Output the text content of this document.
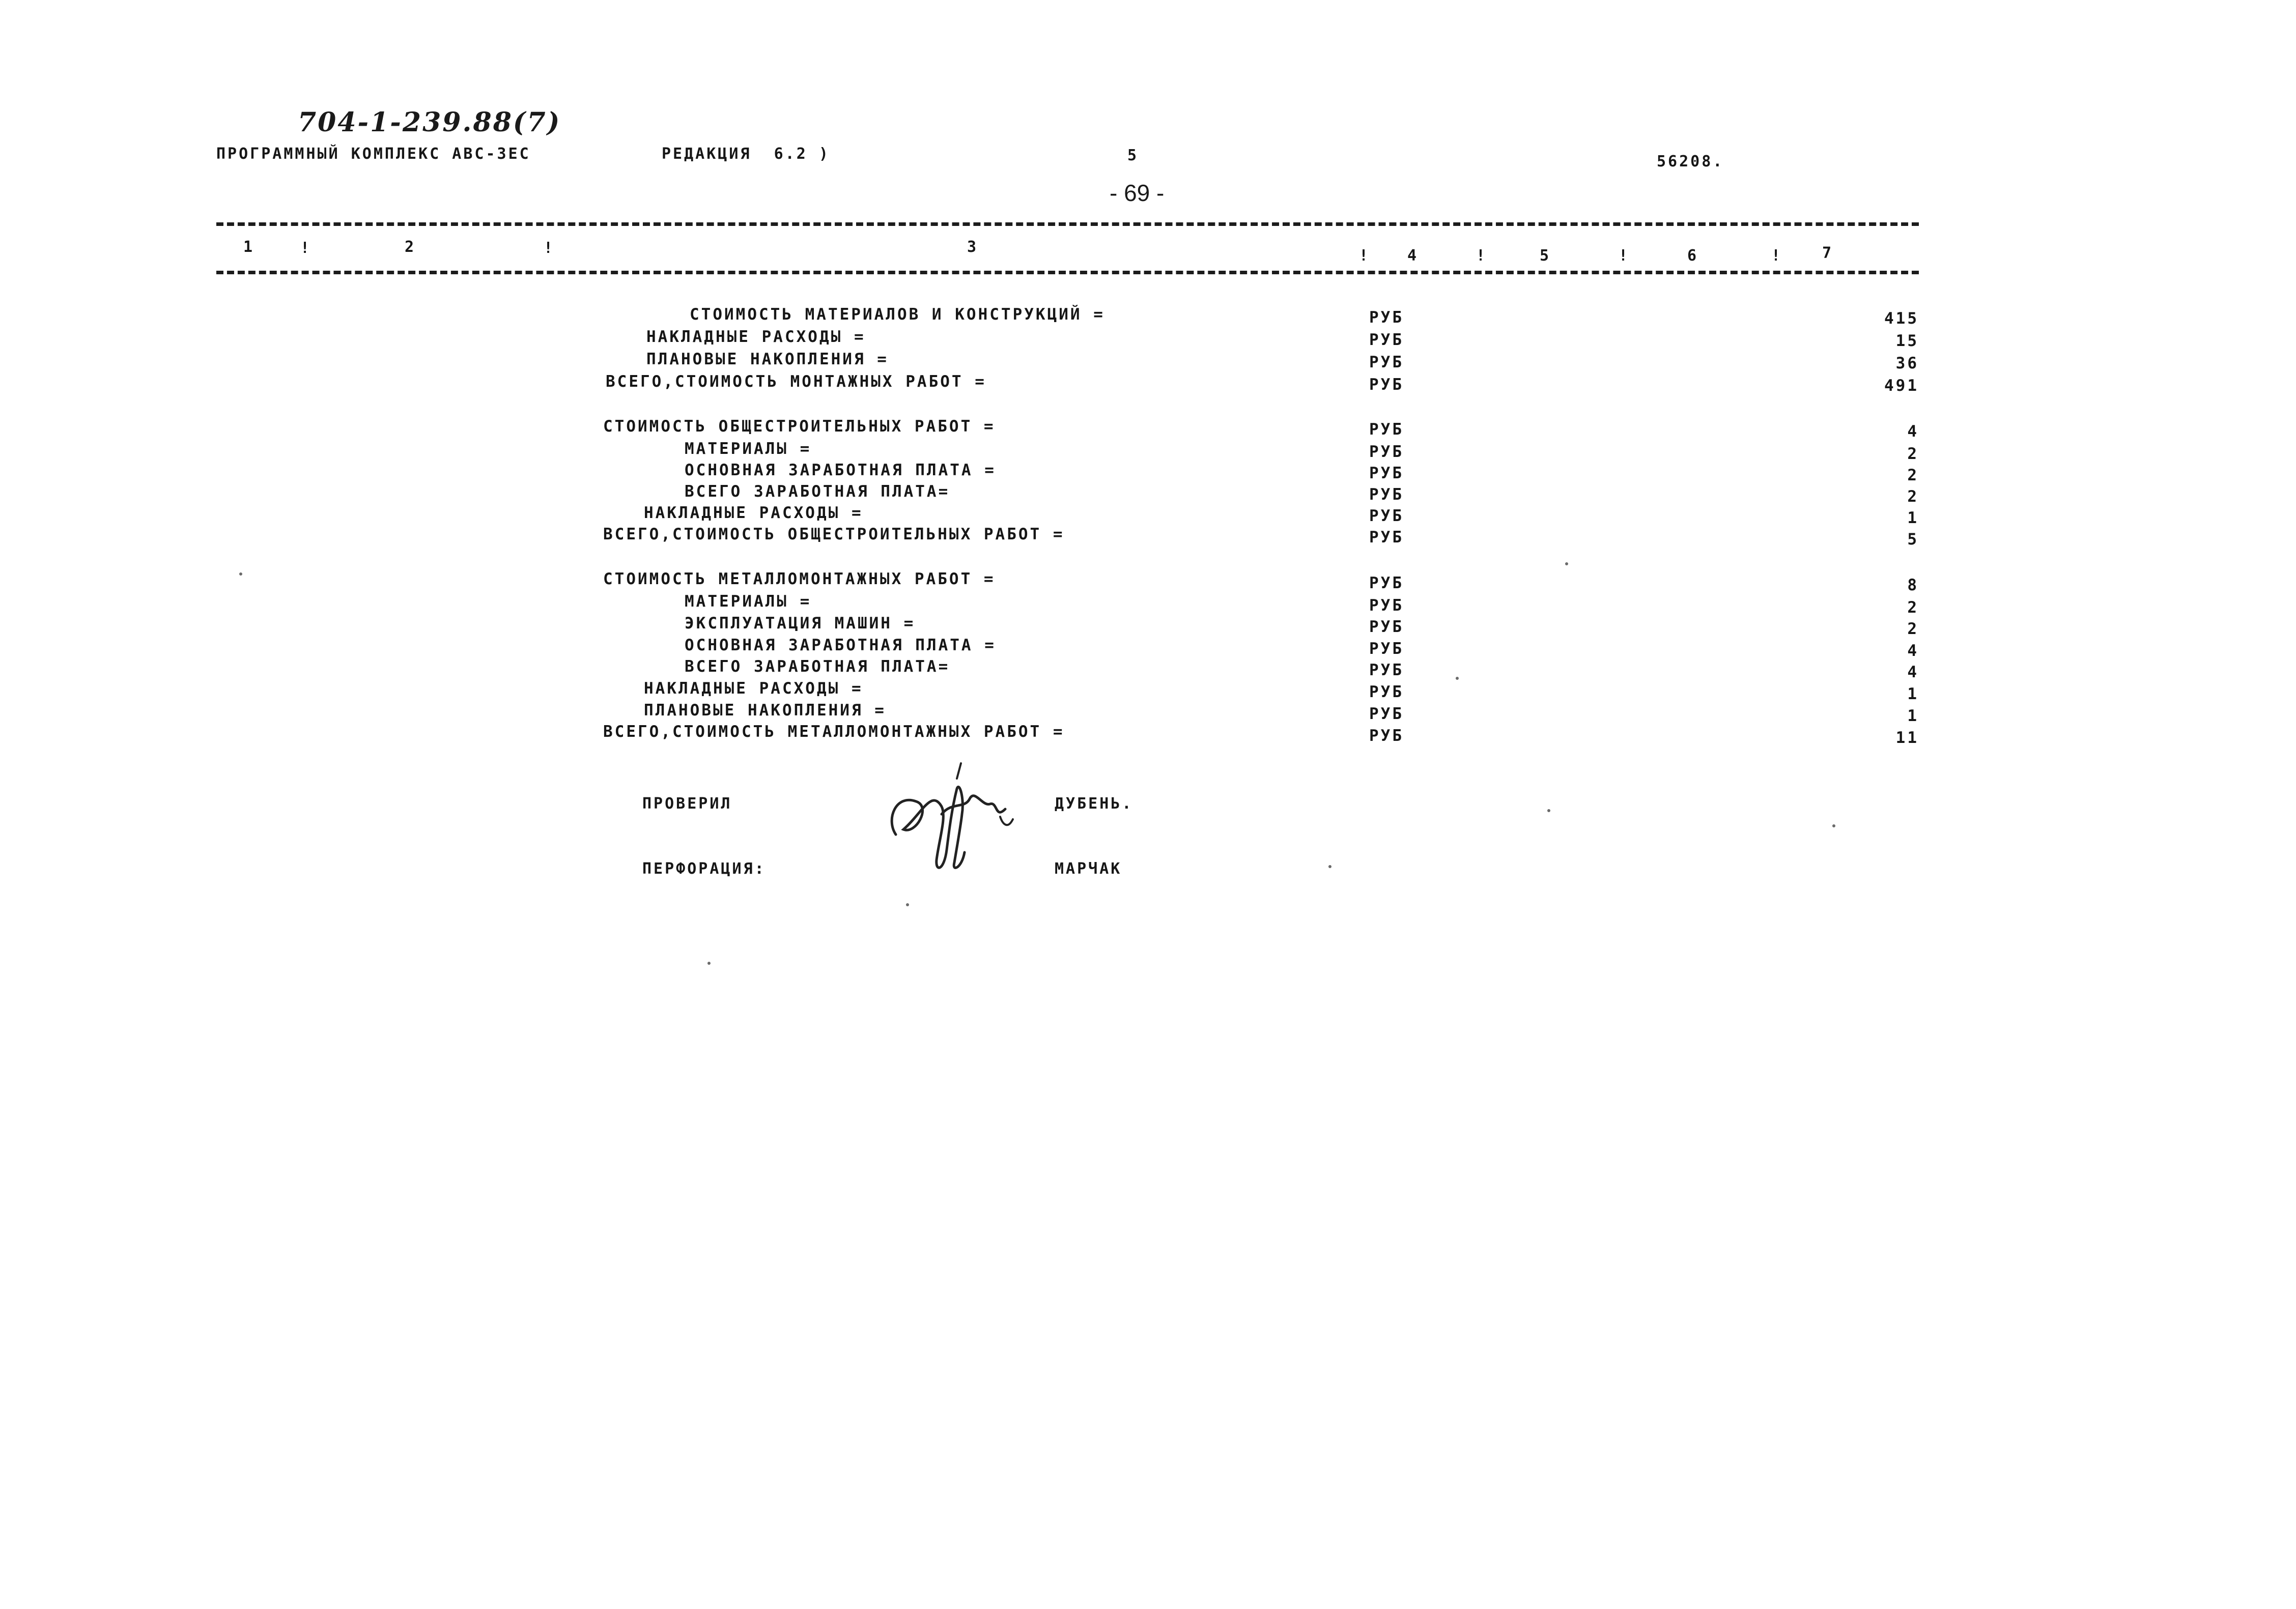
704-1-239.88(7)
ПРОГРАММНЫЙ КОМПЛЕКС АВС-ЗЕС	РЕДАКЦИЯ  6.2 )	5	56208.
- 69 -
1	!	2	!	3	! 4	!	5	!	6	!	7
СТОИМОСТЬ МАТЕРИАЛОВ И КОНСТРУКЦИЙ =	РУБ	415
НАКЛАДНЫЕ РАСХОДЫ =	РУБ	15
ПЛАНОВЫЕ НАКОПЛЕНИЯ =	РУБ	36
ВСЕГО,СТОИМОСТЬ МОНТАЖНЫХ РАБОТ =	РУБ	491
СТОИМОСТЬ ОБЩЕСТРОИТЕЛЬНЫХ РАБОТ =	РУБ	4
МАТЕРИАЛЫ =	РУБ	2
ОСНОВНАЯ ЗАРАБОТНАЯ ПЛАТА =	РУБ	2
ВСЕГО ЗАРАБОТНАЯ ПЛАТА=	РУБ	2
НАКЛАДНЫЕ РАСХОДЫ =	РУБ	1
ВСЕГО,СТОИМОСТЬ ОБЩЕСТРОИТЕЛЬНЫХ РАБОТ =	РУБ	5
СТОИМОСТЬ МЕТАЛЛОМОНТАЖНЫХ РАБОТ =	РУБ	8
МАТЕРИАЛЫ =	РУБ	2
ЭКСПЛУАТАЦИЯ МАШИН =	РУБ	2
ОСНОВНАЯ ЗАРАБОТНАЯ ПЛАТА =	РУБ	4
ВСЕГО ЗАРАБОТНАЯ ПЛАТА=	РУБ	4
НАКЛАДНЫЕ РАСХОДЫ =	РУБ	1
ПЛАНОВЫЕ НАКОПЛЕНИЯ =	РУБ	1
ВСЕГО,СТОИМОСТЬ МЕТАЛЛОМОНТАЖНЫХ РАБОТ =	РУБ	11
ПРОВЕРИЛ	ДУБЕНЬ.
ПЕРФОРАЦИЯ:	МАРЧАК
